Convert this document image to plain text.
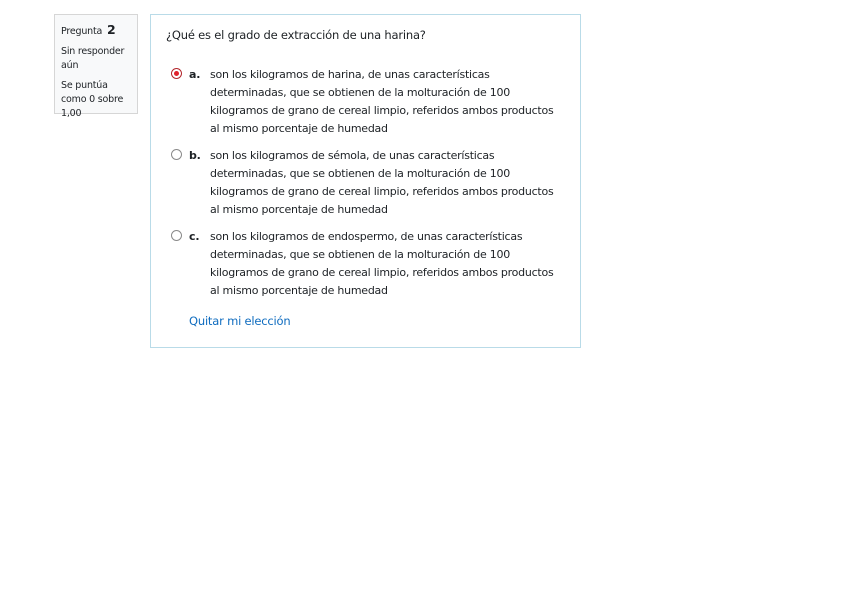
Pregunta 2
Sin responder aún
Se puntúa como 0 sobre 1,00
¿Qué es el grado de extracción de una harina?
a. son los kilogramos de harina, de unas características determinadas, que se obtienen de la molturación de 100 kilogramos de grano de cereal limpio, referidos ambos productos al mismo porcentaje de humedad
b. son los kilogramos de sémola, de unas características determinadas, que se obtienen de la molturación de 100 kilogramos de grano de cereal limpio, referidos ambos productos al mismo porcentaje de humedad
c. son los kilogramos de endospermo, de unas características determinadas, que se obtienen de la molturación de 100 kilogramos de grano de cereal limpio, referidos ambos productos al mismo porcentaje de humedad
Quitar mi elección
